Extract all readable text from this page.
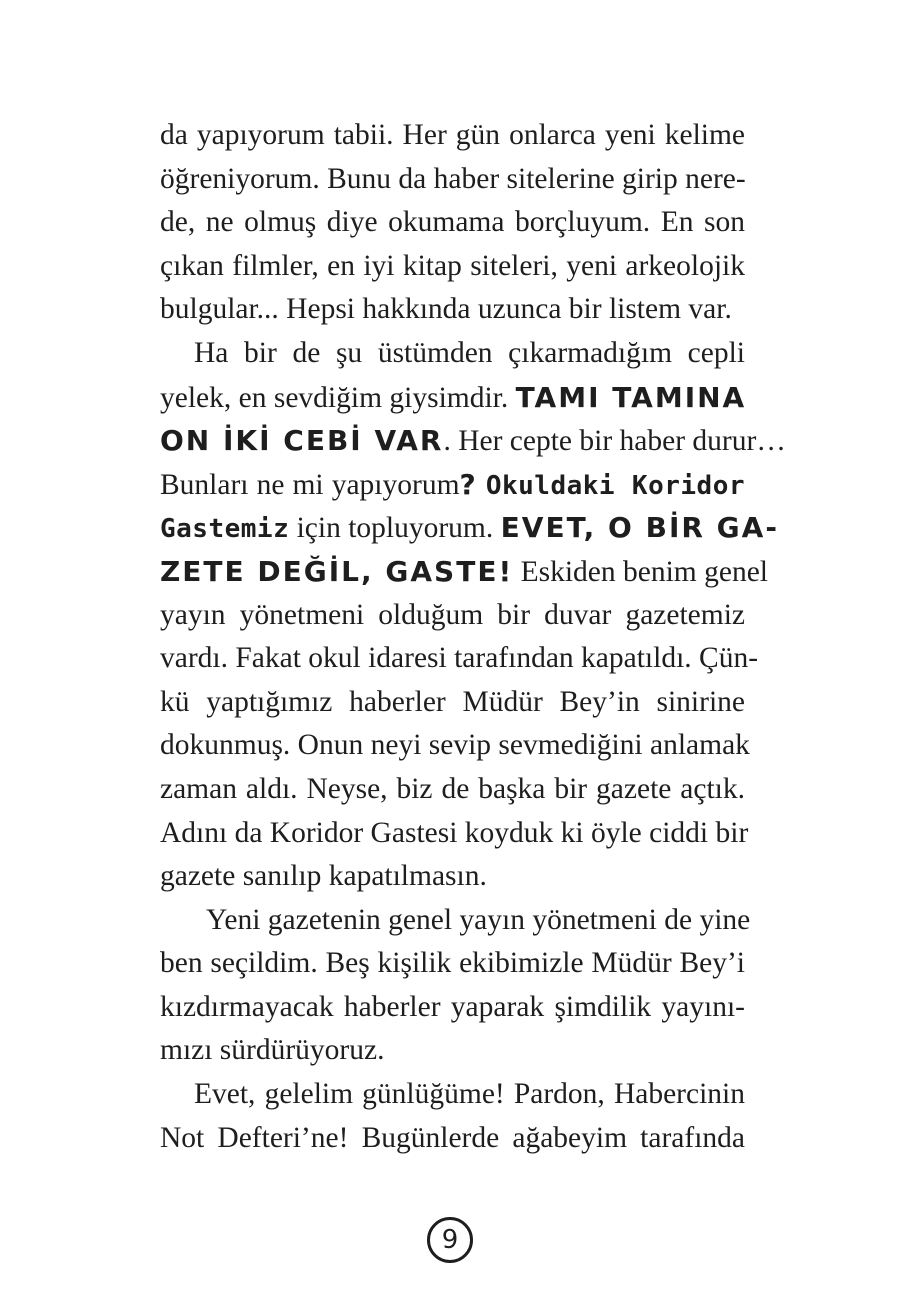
da yapıyorum tabii. Her gün onlarca yeni kelime
öğreniyorum. Bunu da haber sitelerine girip nere-
de, ne olmuş diye okumama borçluyum. En son
çıkan filmler, en iyi kitap siteleri, yeni arkeolojik
bulgular... Hepsi hakkında uzunca bir listem var.
Ha bir de şu üstümden çıkarmadığım cepli
yelek, en sevdiğim giysimdir. TAMI TAMINA
ON İKİ CEBİ VAR. Her cepte bir haber durur…
Bunları ne mi yapıyorum? Okuldaki Koridor
Gastemiz için topluyorum. EVET, O BİR GA-
ZETE DEĞİL, GASTE! Eskiden benim genel
yayın yönetmeni olduğum bir duvar gazetemiz
vardı. Fakat okul idaresi tarafından kapatıldı. Çün-
kü yaptığımız haberler Müdür Bey’in sinirine
dokunmuş. Onun neyi sevip sevmediğini anlamak
zaman aldı. Neyse, biz de başka bir gazete açtık.
Adını da Koridor Gastesi koyduk ki öyle ciddi bir
gazete sanılıp kapatılmasın.
Yeni gazetenin genel yayın yönetmeni de yine
ben seçildim. Beş kişilik ekibimizle Müdür Bey’i
kızdırmayacak haberler yaparak şimdilik yayını-
mızı sürdürüyoruz.
Evet, gelelim günlüğüme! Pardon, Habercinin
Not Defteri’ne! Bugünlerde ağabeyim tarafında
9
